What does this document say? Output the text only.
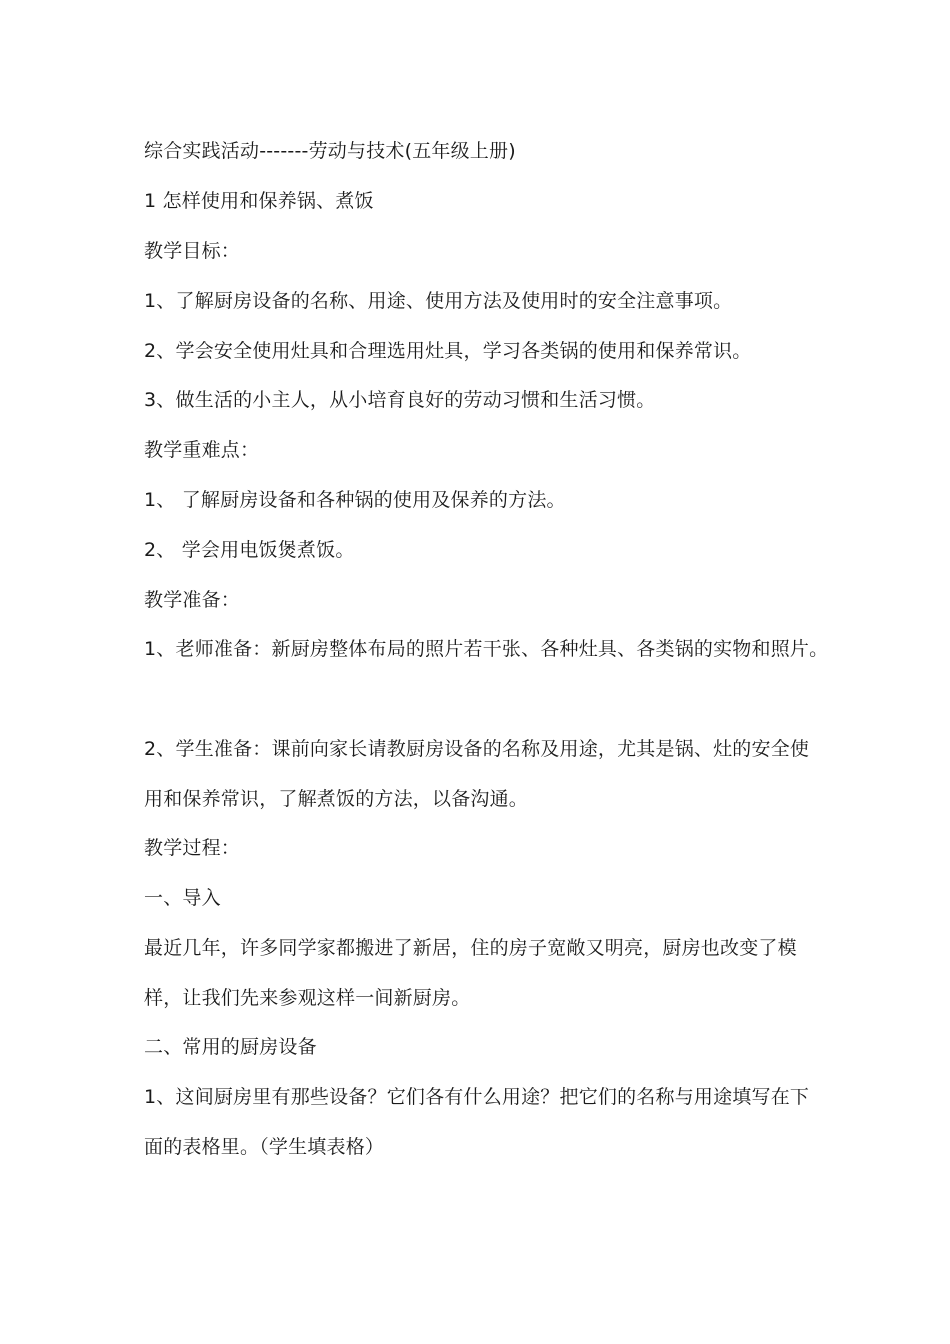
综合实践活动-------劳动与技术(五年级上册)
1 怎样使用和保养锅、煮饭
教学目标：
1、了解厨房设备的名称、用途、使用方法及使用时的安全注意事项。
2、学会安全使用灶具和合理选用灶具，学习各类锅的使用和保养常识。
3、做生活的小主人，从小培育良好的劳动习惯和生活习惯。
教学重难点：
1、 了解厨房设备和各种锅的使用及保养的方法。
2、 学会用电饭煲煮饭。
教学准备：
1、老师准备：新厨房整体布局的照片若干张、各种灶具、各类锅的实物和照片。
2、学生准备：课前向家长请教厨房设备的名称及用途，尤其是锅、灶的安全使
用和保养常识，了解煮饭的方法，以备沟通。
教学过程：
一、导入
最近几年，许多同学家都搬进了新居，住的房子宽敞又明亮，厨房也改变了模
样，让我们先来参观这样一间新厨房。
二、常用的厨房设备
1、这间厨房里有那些设备？它们各有什么用途？把它们的名称与用途填写在下
面的表格里。（学生填表格）
